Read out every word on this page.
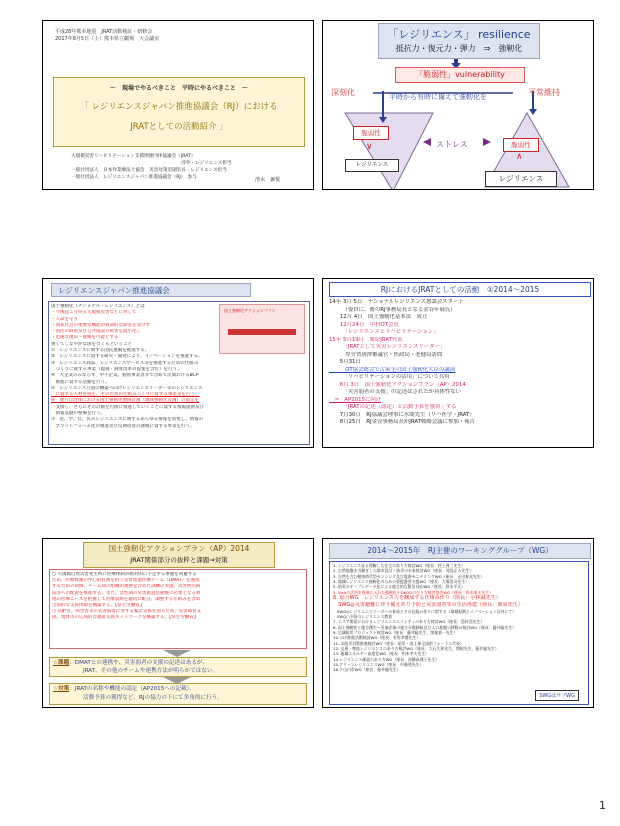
平成28年熊本地震　JRAT活動検証・研修会
2017年8月5日（土）熊本県立劇場　大会議室
～　現場でやるべきこと　平時にやるべきこと　～
「 レジリエンスジャパン推進協議会（RJ）における
JRATとしての活動紹介 」
大規模災害リハビリテーション支援関連団体協議会（JRAT）
　　　　　　　　　　　　　　　　　　　　　　　　渉外・レジリエンス担当
一般社団法人　日本作業療法士協会　災害対策室副室長・レジリエンス担当
一般社団法人　レジリエンスジャパン推進協議会（RJ）　参与	清水　兼悦
「レジリエンス」 resilience
抵抗力・復元力・弾力　⇒　強靭化
「脆弱性」vulnerability
深刻化	平常維持
平時から有時に備えて強靭化を
脆弱性
∨	脆弱性
∧
ストレス
レジリエンス
レジリエンス
レジリエンスジャパン推進協議会
国土強靭化アクションプラン
国土強靭化（ナショナル・レジリエンス）とは
・今後起こり得る大規模災害などに対して
・人命を守り
・国家社会の重要な機能が致命的な障害を受けず
・国民の財産及び公共施設の被害を最小化し
・迅速な復旧・復興を可能とする
強くてしなやかな国をつくるということ
①　レジリエンスに関する国民運動を推進する。
②　レジリエンスに資する研究・開発により、イノベーションを推進する。
③　レジリエンス商品、レジリエンスサービス等を推進するための仕組み
　づくりに資する事業（規制・制度改革の提案を含む）を行う。
④　大企業のみならず、中小企業、個別事業者まで含めて民間おけるBCP
　推進に資する活動を行う。
⑤　レジリエンス立国の構築へ向けレジリエンスリーダー等のレジリエンス
　に資する人材育成を、そのための仕組みづくりに資する事業等を行う。
⑥　地方自治体における国土強靭化地域計画（地域強靭化計画）の策定を
　支援し、さらにその計画を円滑に推進していくことに資する情報提供及び
　情報基盤の整備を行う。
⑦　産、学、官、民のレジリエンスに関するあらゆる情報を収集し、情報の
　プラットフォーム化の推進及び反関役者の課税に資する事業を行う。
RJにおけるJRATとしての活動　①2014～2015
14年 3月 5日　ナショナルレジリエンス懇談会スタート
　　　（委員に、後のRJ事務局長となる金谷年展氏）
　　12月 4日　国土強靭化基本法　成立
　　12月24日　中村OT会長
　　　「レジリエンスとリハビリテーション」
15年 5月19日　栗原JRAT代表
　　　「JRATとして災害レジリエンスリーダー」
　　　厚労省唐澤審議官・医政局・老健局訪問
　　5月31日
　　　OT協会総会で古屋圭司国土強靭化大臣の講演
　　　「リハビリテーションの活用」について共有
　　6月 3日　国土強靭化アクションプラン（AP）2014
　　　「災害弱者の支援」の記述はされたが具体性ない
　⇒　AP2015に向け
　　　「JRATの記述（認定）と活動予算を獲得」する
　　7月30日　RJ協議会理事に水間先生（リハ医学・JRAT）
　　8月25日　RJ金谷事務局長がJRAT戦略会議に参加・報告
国土強靭化アクションプラン（AP）2014
JRAT関係部分の抜粋と課題⇒対策
○ 大規模自然災害発生時に医療体制が絶対的に不足する事態を回避する
ため、医療救護の中心的役割を担う災害派遣医療チーム（DMAT）を養成
するための研修、チーム間の組織的連携を含めた訓練の実施、災害拠点病
院等への配置を推進する。また、急性期の災害派遣活動後に必要となる被
地の医療ニーズを把握して医療資源を適切に配分、調整する仕組みを含め
全国的な支援体制を構築する。【厚生労働省】
○ 高齢者、障害者等の災害弱者に対する緊急支援を図るため、災害福祉支
援、現体等の広域的な福祉支援ネットワークを構築する。【厚生労働省】
☆課題：DMATとの連携や、災害弱者の支援の記述はあるが、
JRAT、その他のチームや連携方法が明らかではない。
☆対策：JRATの名称や機能の認定（AP2015への記載）、
活動予算の獲得など、RJの協力の下にて多角的に行う。
2014～2015年　RJ主催のワーキンググループ（WG）
1. レジリエンス見る理解した住宅のあり方検討WG（座長：村上周三先生）
2. 自然地盤を引継ぎした都市設計・防災の未来検討WG（座長：尾島正人先生）
3. 自然を含む健康時代型センシング及び電源モニタリングWG（座長：正田春光先生）
4. 地域レジリエンス強靭化のための要援護者支援WG（座長：大塚浩司先生）
5. 防災のオープンデータ化による総合的な緊急対応WG（座長：鈴木平氏）
5. Visitの活用を推進に入れた強靭化やDKODの在り方検討協会WG（座長：鈴木康夫先生）
6. 総合WG　レジリエンス力を醸成する仕組み作り（座長：小林誠先生）
　SWG◎災害避難に伴う備えあり予防と災害弱者等の生活再建（座長：栗原先生）
　SWG◎レジリエンスリーダーの育成とその仕組み作りに関する（地域振興とイノベーション以外にて）
　SWG○予防のレジリエンス教育
7. エリア開発におけるレジリエンスエコシティのあり方検討WG（座長：島村浩先生）
8. 国土強靭化と地方創生～災禍企業の地方分散移転及び人口基盤の移動の検討WG（座長：藤井聡先生）
9. 広域防災プロジェクト検討WG（座長：藤井聡先生、関根真一先生）
10. CLT推進活動検討WG（座長：有馬孝禮先生）
11. 水防災対策推進検討WG（座長：防災・国土保全技術フォーラム代表）
12. 交通・物流レジリエンスのあり方検討WG（座長：大石久和先生、関根先生、藤井聡先生）
13. 地域エネルギー高度化WG（座長：柏木孝夫先生）
14.レジリエンス確認のあり方WG（座長：西郷真理子先生）
15.グリーンレジリエンスWG（座長：中静透先生）
16.ケ山川市WG（座長：藤井聡先生）
SWGはサブWG
1
